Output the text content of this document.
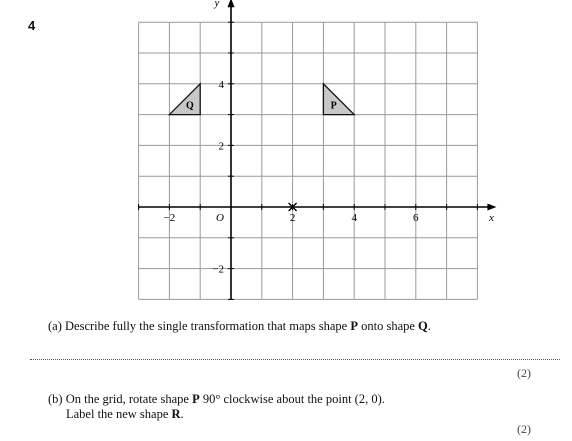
4
Q	P
−2	2	4	6
4
2
−2
O	x
y
(a) Describe fully the single transformation that maps shape P onto shape Q.
(2)
(b) On the grid, rotate shape P 90° clockwise about the point (2, 0).
Label the new shape R.
(2)
